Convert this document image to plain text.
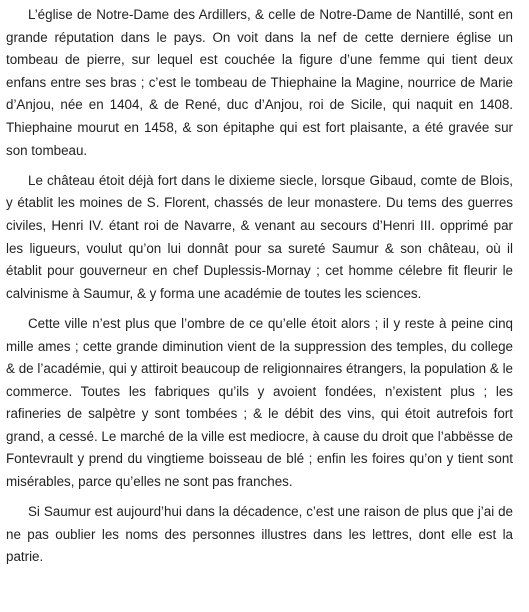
L’église de Notre-Dame des Ardillers, & celle de Notre-Dame de Nantillé, sont en grande réputation dans le pays. On voit dans la nef de cette derniere église un tombeau de pierre, sur lequel est couchée la figure d’une femme qui tient deux enfans entre ses bras ; c’est le tombeau de Thiephaine la Magine, nourrice de Marie d’Anjou, née en 1404, & de René, duc d’Anjou, roi de Sicile, qui naquit en 1408. Thiephaine mourut en 1458, & son épitaphe qui est fort plaisante, a été gravée sur son tombeau.

Le château étoit déjà fort dans le dixieme siecle, lorsque Gibaud, comte de Blois, y établit les moines de S. Florent, chassés de leur monastere. Du tems des guerres civiles, Henri IV. étant roi de Navarre, & venant au secours d’Henri III. opprimé par les ligueurs, voulut qu’on lui donnât pour sa sureté Saumur & son château, où il établit pour gouverneur en chef Duplessis-Mornay ; cet homme célebre fit fleurir le calvinisme à Saumur, & y forma une académie de toutes les sciences.

Cette ville n’est plus que l’ombre de ce qu’elle étoit alors ; il y reste à peine cinq mille ames ; cette grande diminution vient de la suppression des temples, du college & de l’académie, qui y attiroit beaucoup de religionnaires étrangers, la population & le commerce. Toutes les fabriques qu’ils y avoient fondées, n’existent plus ; les rafineries de salpètre y sont tombées ; & le débit des vins, qui étoit autrefois fort grand, a cessé. Le marché de la ville est mediocre, à cause du droit que l’abbësse de Fontevrault y prend du vingtieme boisseau de blé ; enfin les foires qu’on y tient sont misérables, parce qu’elles ne sont pas franches.

Si Saumur est aujourd’hui dans la décadence, c’est une raison de plus que j’ai de ne pas oublier les noms des personnes illustres dans les lettres, dont elle est la patrie.
